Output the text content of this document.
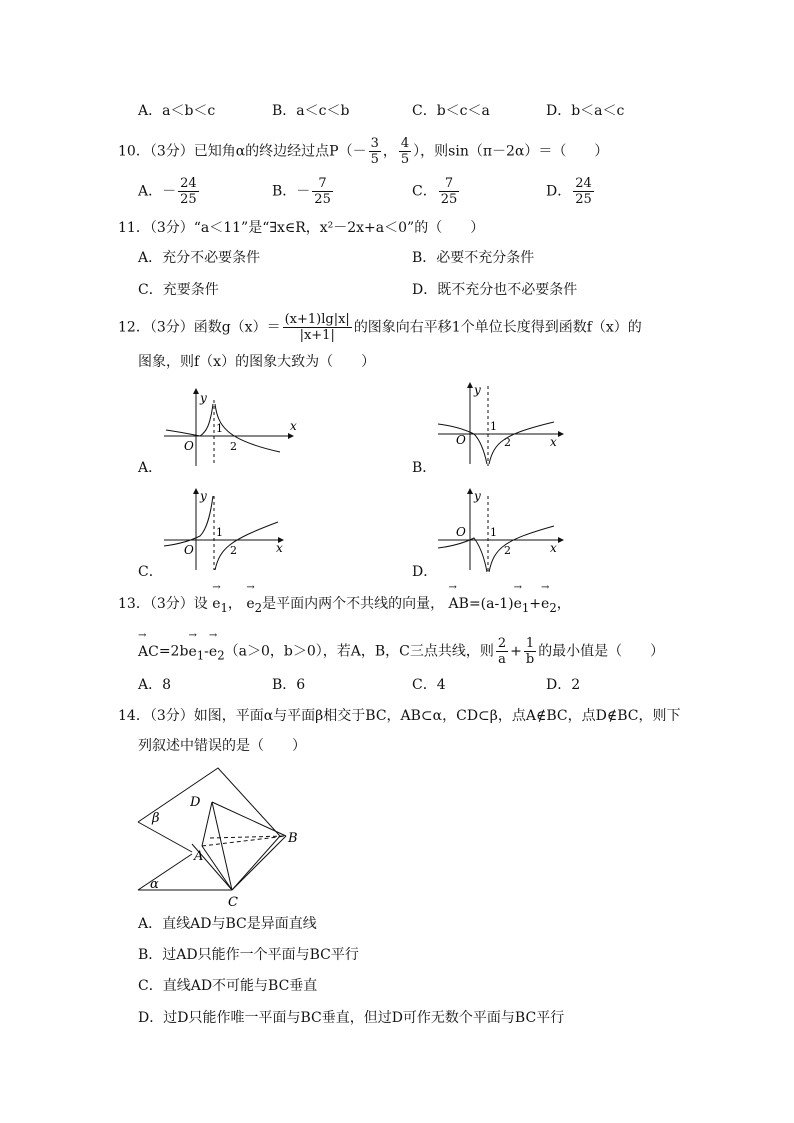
A．a＜b＜c	B．a＜c＜b	C．b＜c＜a	D．b＜a＜c
10．（3分）已知角α的终边经过点$P(- \frac{3}{5}$ ， $\frac{4}{5}$ ），则sin（π－2α）＝（　　）
A．－ $\frac{24}{25}$	B．－ $\frac{7}{25}$	C． $\frac{7}{25}$	D． $\frac{24}{25}$
11．（3分）“a＜11”是“∃x∈R，x²－2x+a＜0”的（　　）
A．充分不必要条件	B．必要不充分条件
C．充要条件	D．既不充分也不必要条件
12．（3分）函数$g(x)= \frac{(x+1)\lg|x|}{|x+1|}$ 的图象向右平移1个单位长度得到函数f（x）的
图象，则f（x）的图象大致为（　　）
A．	B．
C．	D．
y
x
O
1
2
y
x
O
1
2
y
x
O
1
2
y
x
O 1
2
13．（3分）设 → $e_1$， → $e_2$是平面内两个不共线的向量， → $AB=(a-1)\to e_1+\to e_2$，
→ $AC=2b\to e_1-\to e_2(a>0$，b＞0），若A，B，C三点共线，则 $\frac{2}{a} + \frac{1}{b}$ 的最小值是（　　）
A．8	B．6	C．4	D．2
14．（3分）如图，平面α与平面β相交于BC，AB⊂α，CD⊂β，点A∉BC，点D∉BC，则下
列叙述中错误的是（　　）
D
A
B
C
β
α
A．直线AD与BC是异面直线
B．过AD只能作一个平面与BC平行
C．直线AD不可能与BC垂直
D．过D只能作唯一平面与BC垂直，但过D可作无数个平面与BC平行
